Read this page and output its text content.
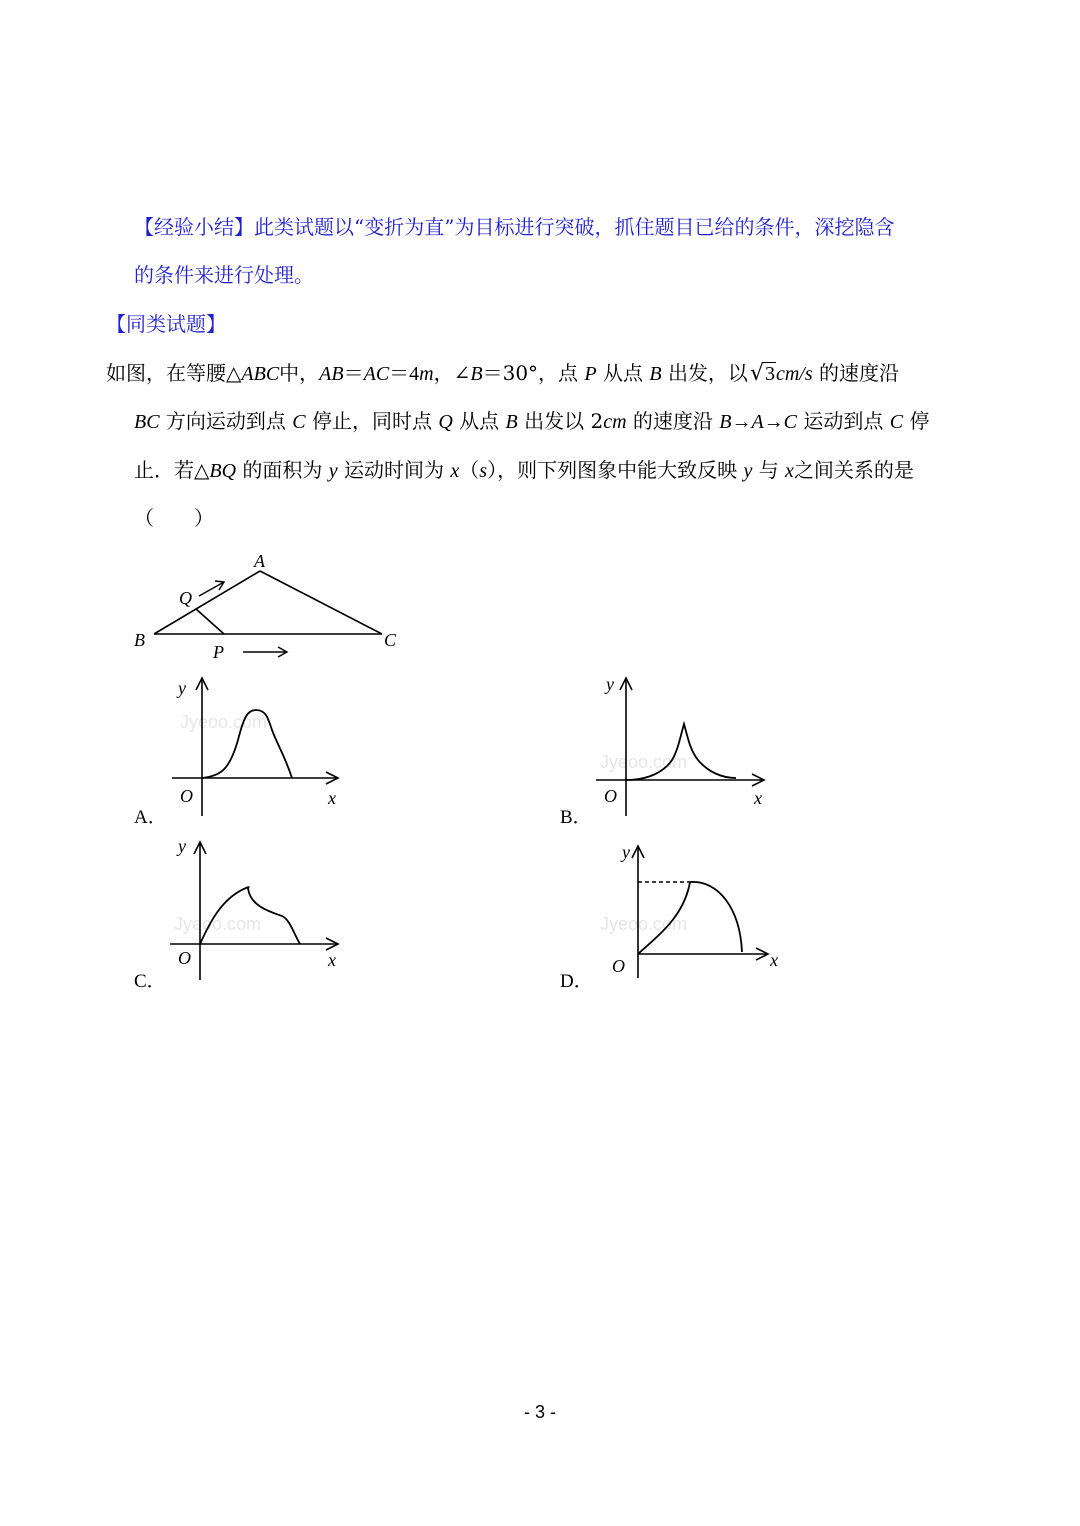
【经验小结】此类试题以“变折为直”为目标进行突破，抓住题目已给的条件，深挖隐含
的条件来进行处理。
【同类试题】
如图，在等腰△ABC中，AB＝AC＝4m，∠B＝30°，点 P 从点 B 出发，以√3cm/s 的速度沿
BC 方向运动到点 C 停止，同时点 Q 从点 B 出发以 2cm 的速度沿 B→A→C 运动到点 C 停
止．若△BQ 的面积为 y 运动时间为 x（s），则下列图象中能大致反映 y 与 x之间关系的是
（　　）
A
B	C
P
Q
Jyeoo.com
y
x
O
A．
Jyeoo.com
y
x
O
B．
Jyeoo.com
y
x
O
C．
Jyeoo.com
y
x
O
D．
- 3 -
